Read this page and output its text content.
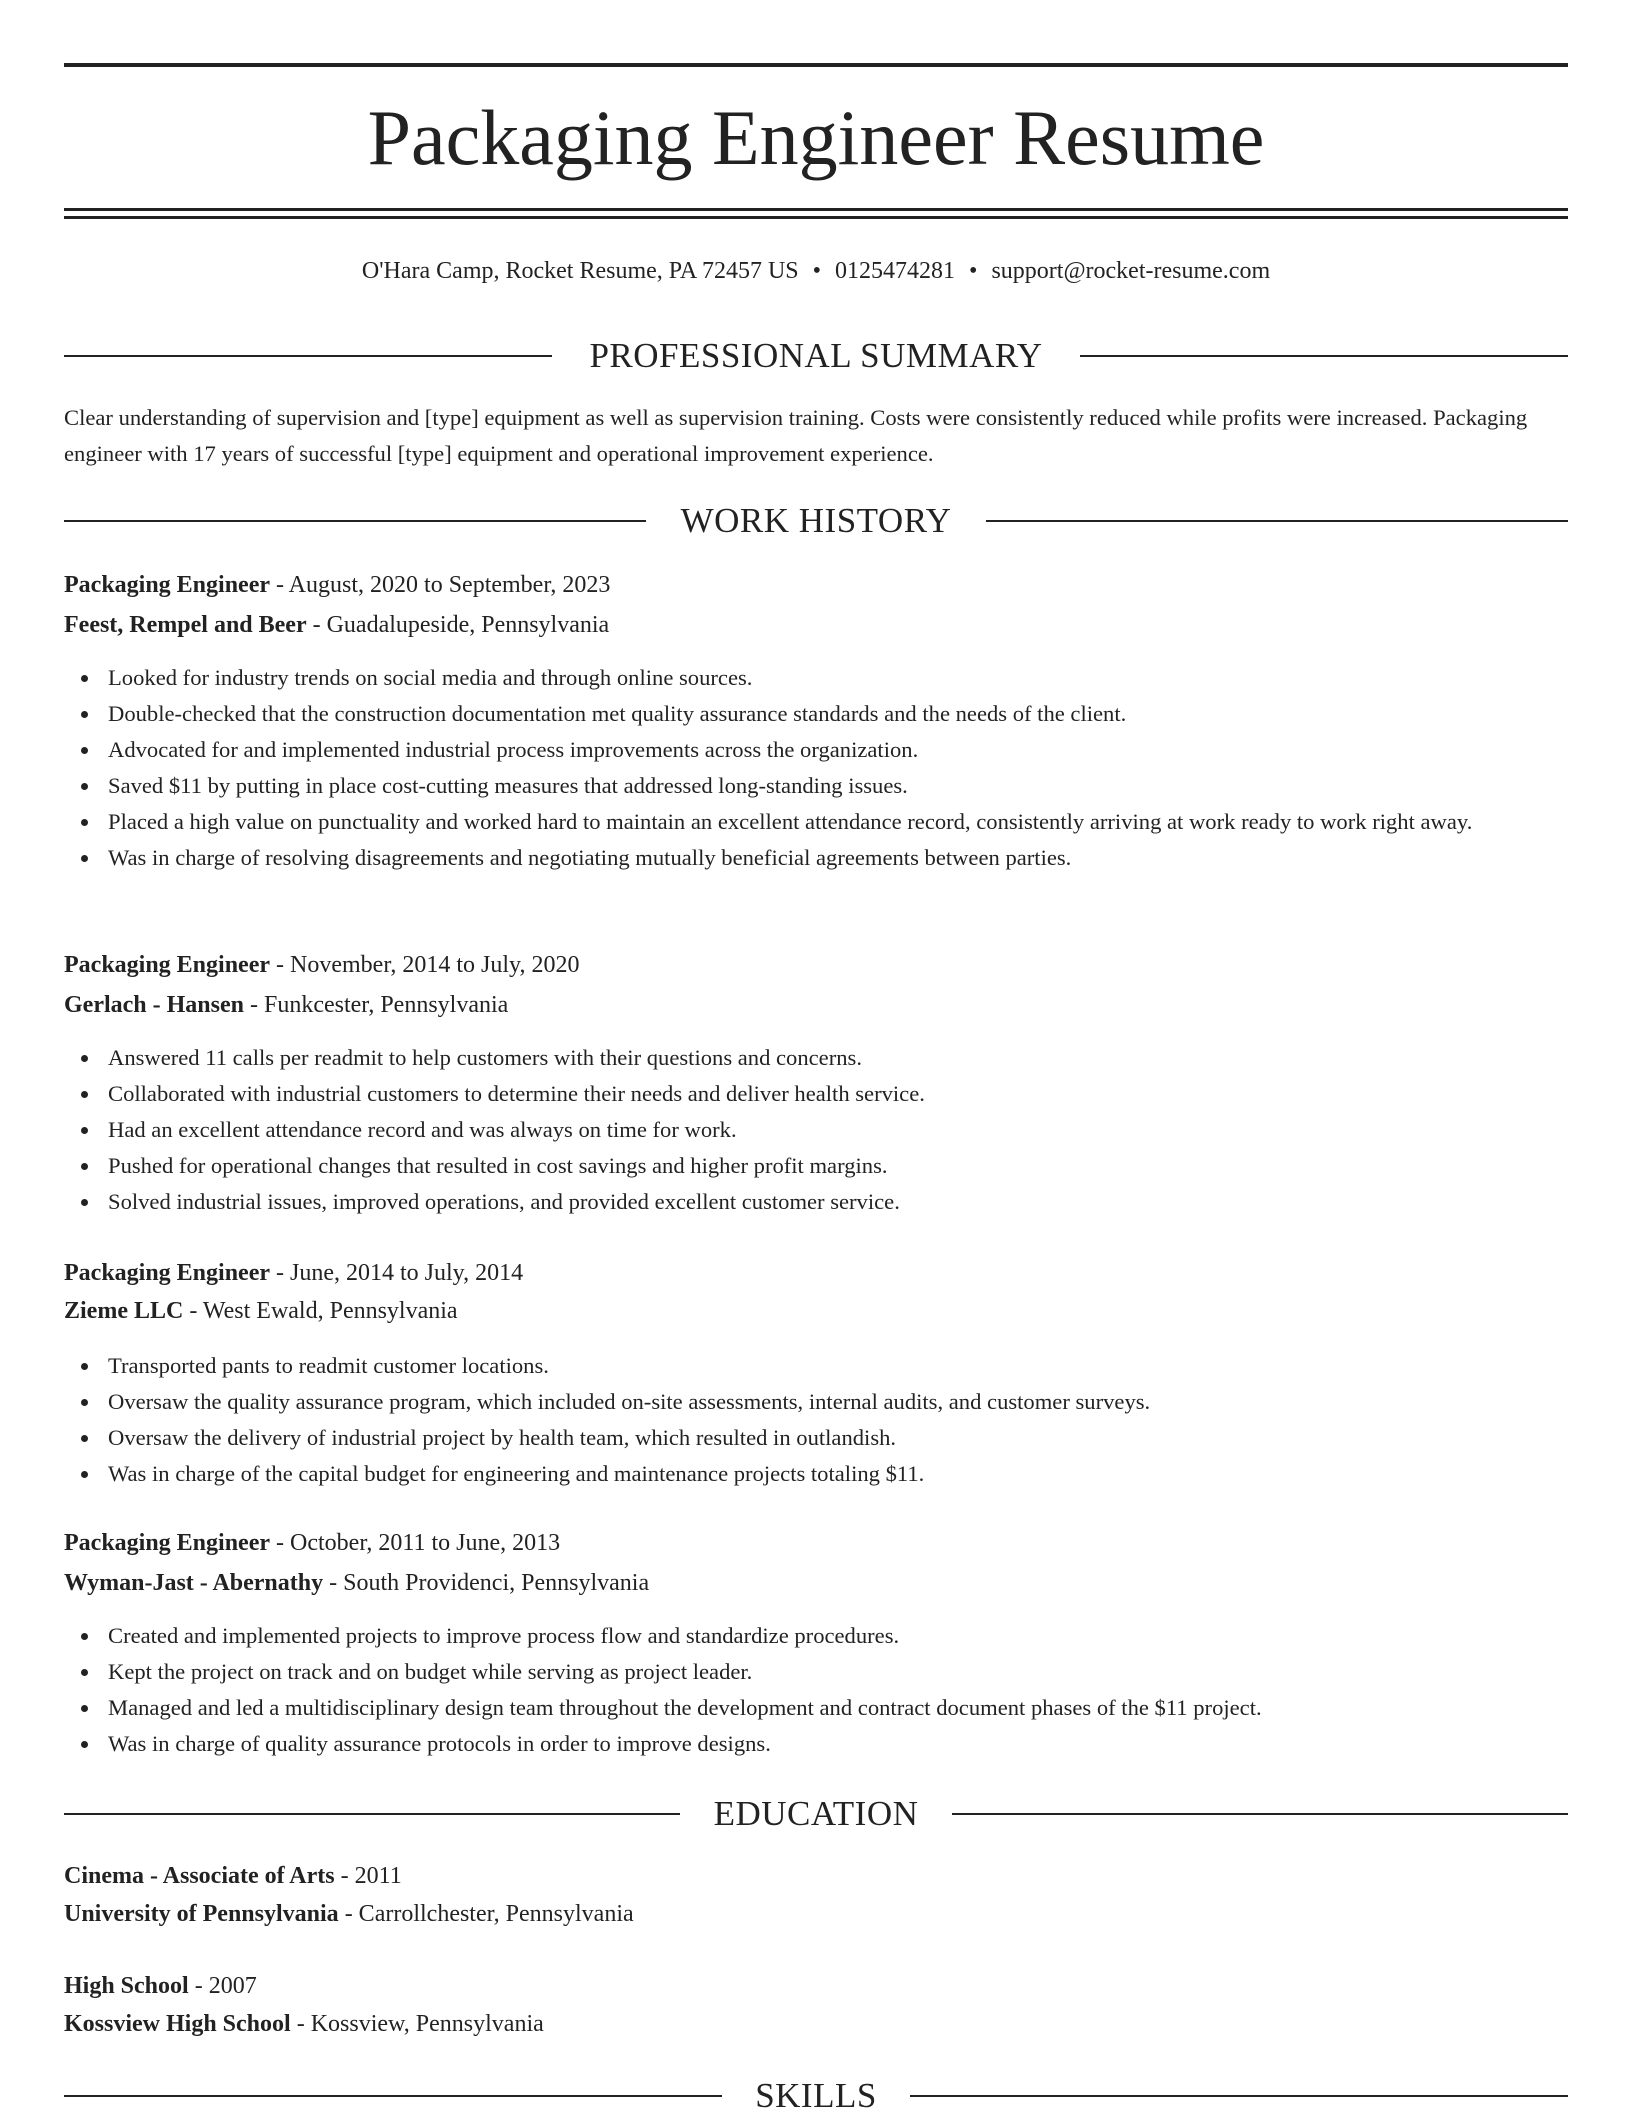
Packaging Engineer Resume
O'Hara Camp, Rocket Resume, PA 72457 US • 0125474281 • support@rocket-resume.com
PROFESSIONAL SUMMARY

Clear understanding of supervision and [type] equipment as well as supervision training. Costs were consistently reduced while profits were increased. Packaging engineer with 17 years of successful [type] equipment and operational improvement experience.

WORK HISTORY
Packaging Engineer - August, 2020 to September, 2023
Feest, Rempel and Beer - Guadalupeside, Pennsylvania
Looked for industry trends on social media and through online sources.
Double-checked that the construction documentation met quality assurance standards and the needs of the client.
Advocated for and implemented industrial process improvements across the organization.
Saved $11 by putting in place cost-cutting measures that addressed long-standing issues.
Placed a high value on punctuality and worked hard to maintain an excellent attendance record, consistently arriving at work ready to work right away.
Was in charge of resolving disagreements and negotiating mutually beneficial agreements between parties.
Packaging Engineer - November, 2014 to July, 2020
Gerlach - Hansen - Funkcester, Pennsylvania
Answered 11 calls per readmit to help customers with their questions and concerns.
Collaborated with industrial customers to determine their needs and deliver health service.
Had an excellent attendance record and was always on time for work.
Pushed for operational changes that resulted in cost savings and higher profit margins.
Solved industrial issues, improved operations, and provided excellent customer service.
Packaging Engineer - June, 2014 to July, 2014
Zieme LLC - West Ewald, Pennsylvania
Transported pants to readmit customer locations.
Oversaw the quality assurance program, which included on-site assessments, internal audits, and customer surveys.
Oversaw the delivery of industrial project by health team, which resulted in outlandish.
Was in charge of the capital budget for engineering and maintenance projects totaling $11.
Packaging Engineer - October, 2011 to June, 2013
Wyman-Jast - Abernathy - South Providenci, Pennsylvania
Created and implemented projects to improve process flow and standardize procedures.
Kept the project on track and on budget while serving as project leader.
Managed and led a multidisciplinary design team throughout the development and contract document phases of the $11 project.
Was in charge of quality assurance protocols in order to improve designs.
EDUCATION
Cinema - Associate of Arts - 2011
University of Pennsylvania - Carrollchester, Pennsylvania
High School - 2007
Kossview High School - Kossview, Pennsylvania
SKILLS
